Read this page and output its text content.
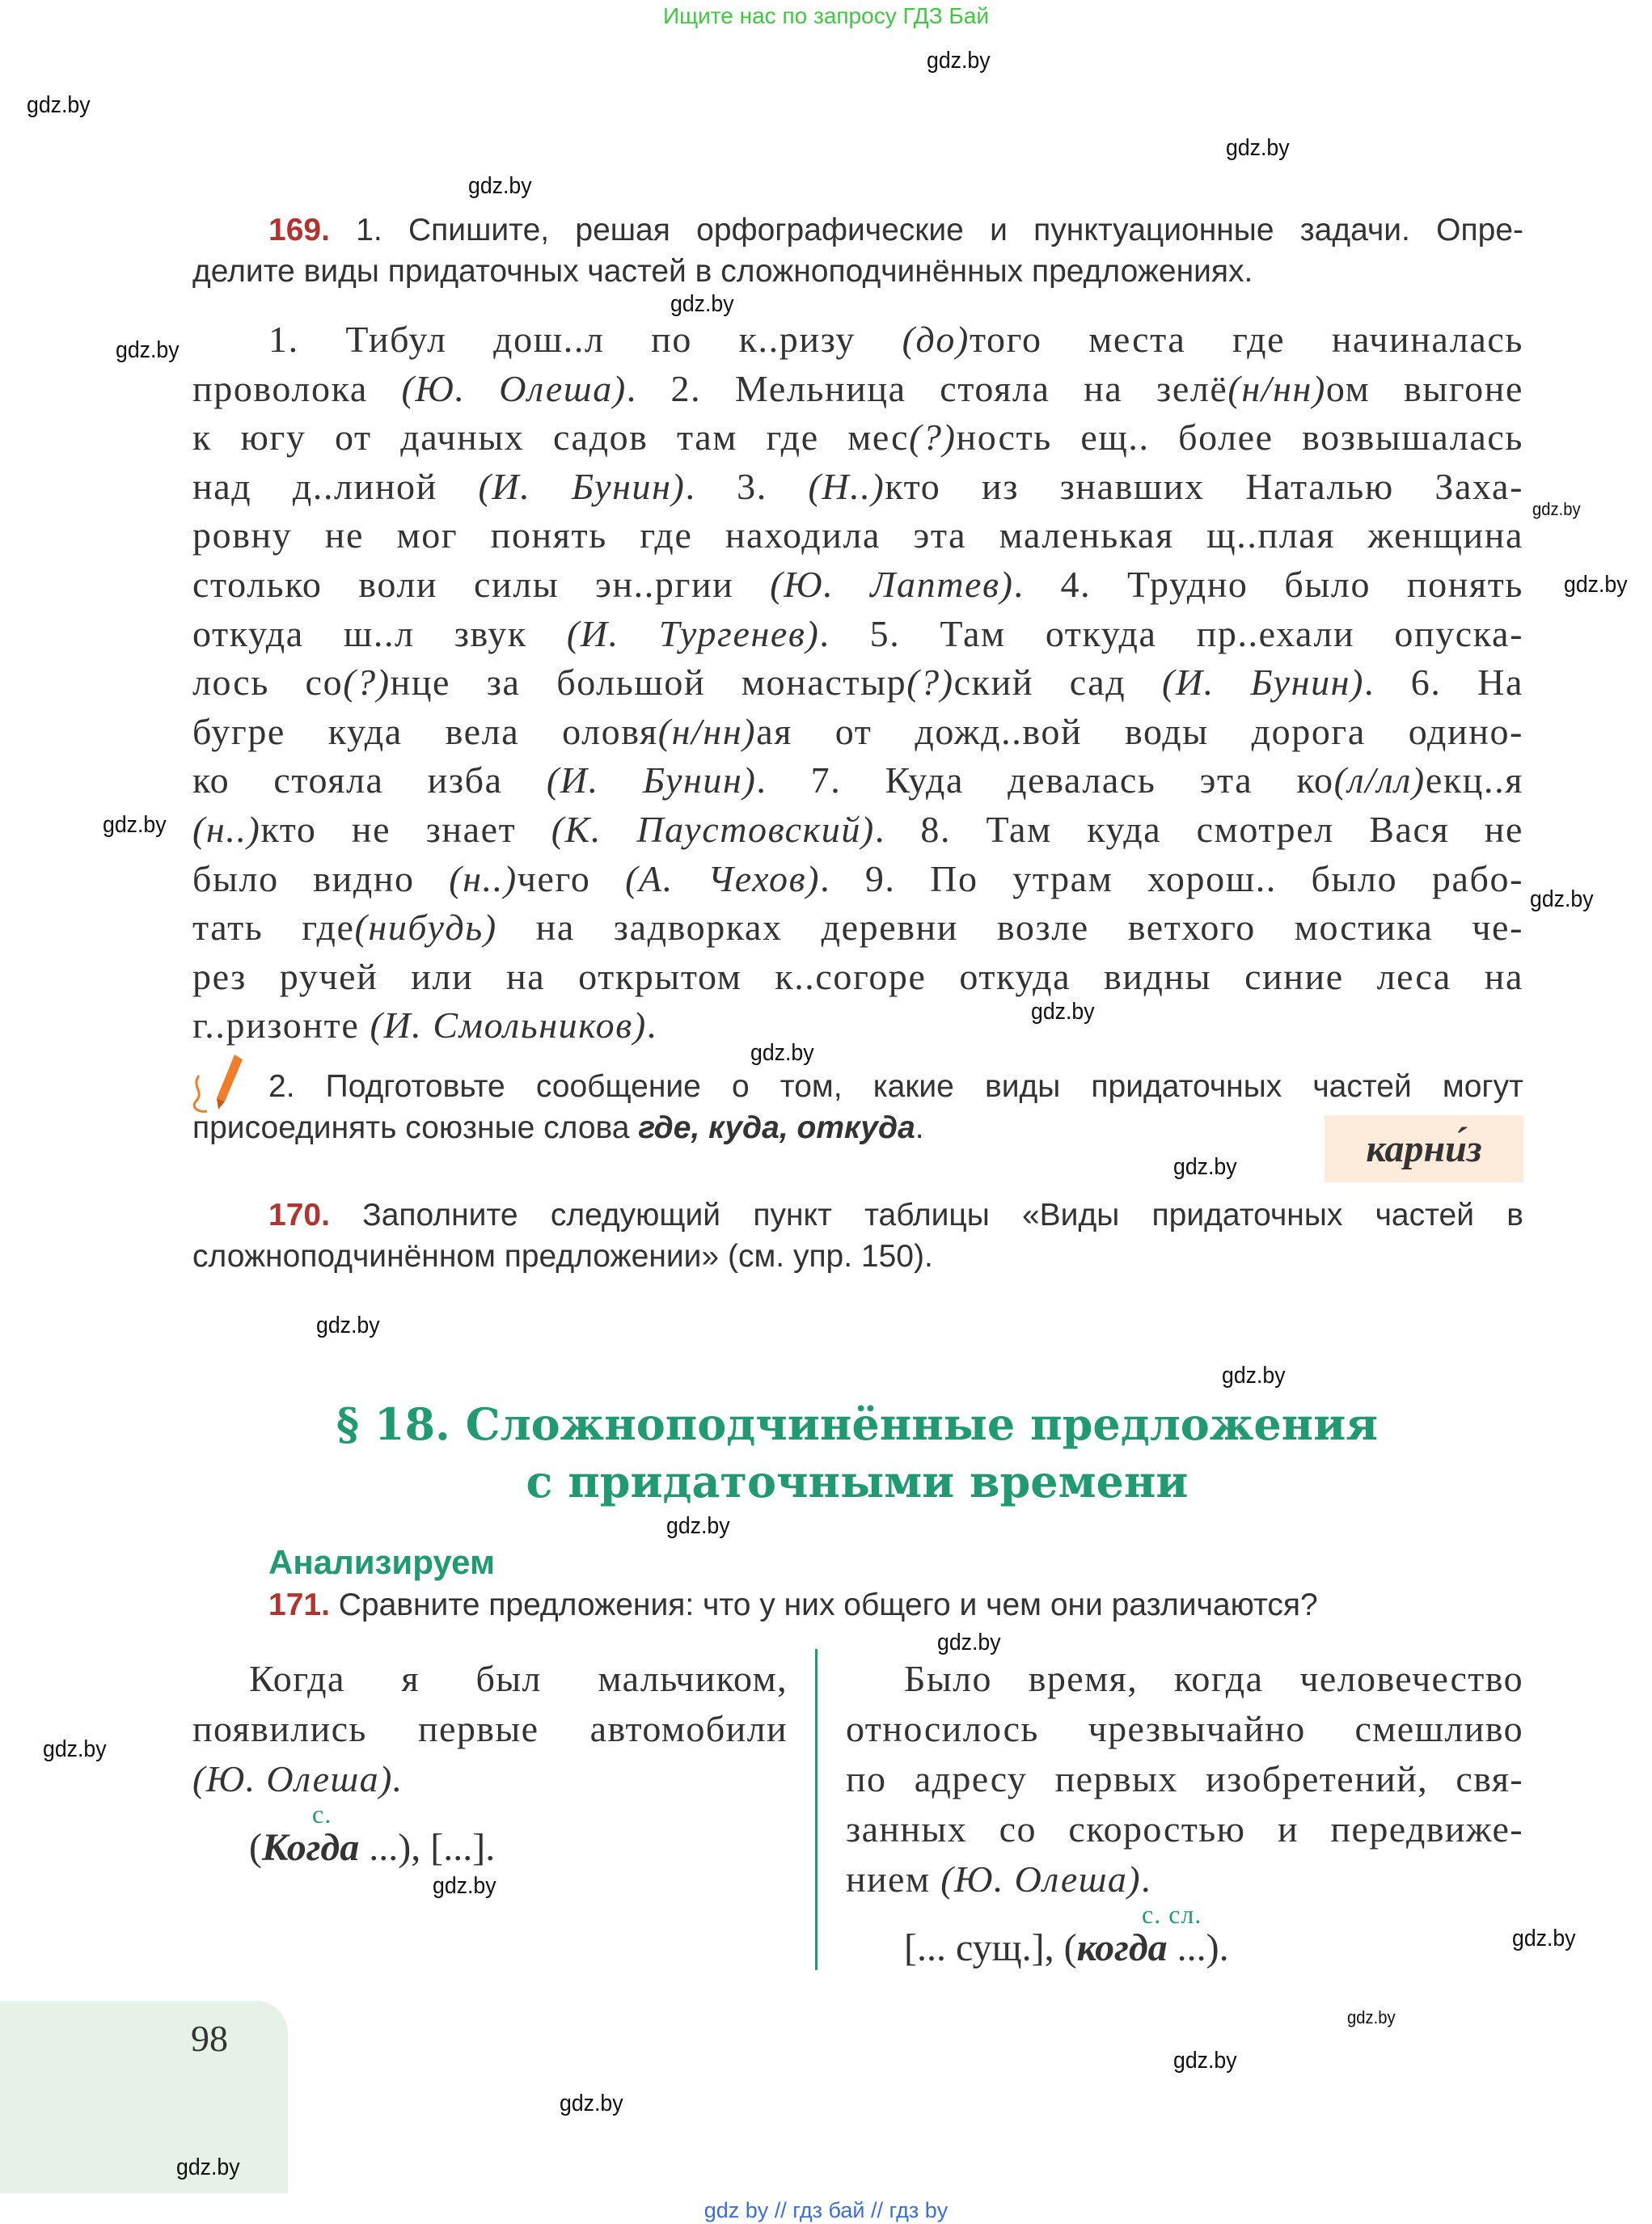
Ищите нас по запросу ГДЗ Бай
169. 1. Спишите, решая орфографические и пунктуационные задачи. Опре-
делите виды придаточных частей в сложноподчинённых предложениях.
1. Тибул дош..л по к..ризу (до)того места где начиналась
проволока (Ю. Олеша). 2. Мельница стояла на зелё(н/нн)ом выгоне
к югу от дачных садов там где мес(?)ность ещ.. более возвышалась
над д..линой (И. Бунин). 3. (Н..)кто из знавших Наталью Заха-
ровну не мог понять где находила эта маленькая щ..плая женщина
столько воли силы эн..ргии (Ю. Лаптев). 4. Трудно было понять
откуда ш..л звук (И. Тургенев). 5. Там откуда пр..ехали опуска-
лось со(?)нце за большой монастыр(?)ский сад (И. Бунин). 6. На
бугре куда вела оловя(н/нн)ая от дожд..вой воды дорога одино-
ко стояла изба (И. Бунин). 7. Куда девалась эта ко(л/лл)екц..я
(н..)кто не знает (К. Паустовский). 8. Там куда смотрел Вася не
было видно (н..)чего (А. Чехов). 9. По утрам хорош.. было рабо-
тать где(нибудь) на задворках деревни возле ветхого мостика че-
рез ручей или на открытом к..согоре откуда видны синие леса на
г..ризонте (И. Смольников).
2. Подготовьте сообщение о том, какие виды придаточных частей могут
присоединять союзные слова где, куда, откуда.	карни́з
170. Заполните следующий пункт таблицы «Виды придаточных частей в
сложноподчинённом предложении» (см. упр. 150).
§ 18. Сложноподчинённые предложения
с придаточными времени
Анализируем
171. Сравните предложения: что у них общего и чем они различаются?
Когда я был мальчиком,
появились первые автомобили
(Ю. Олеша).
с.
(Когда ...), [...].
Было время, когда человечество
относилось чрезвычайно смешливо
по адресу первых изобретений, свя-
занных со скоростью и передвиже-
нием (Ю. Олеша).
с. сл.
[... сущ.], (когда ...).
98
gdz by // гдз бай // гдз by
gdz.by
gdz.by
gdz.by
gdz.by
gdz.by
gdz.by
gdz.by
gdz.by
gdz.by
gdz.by
gdz.by
gdz.by
gdz.by
gdz.by
gdz.by
gdz.by
gdz.by
gdz.by
gdz.by
gdz.by
gdz.by
gdz.by
gdz.by
gdz.by
